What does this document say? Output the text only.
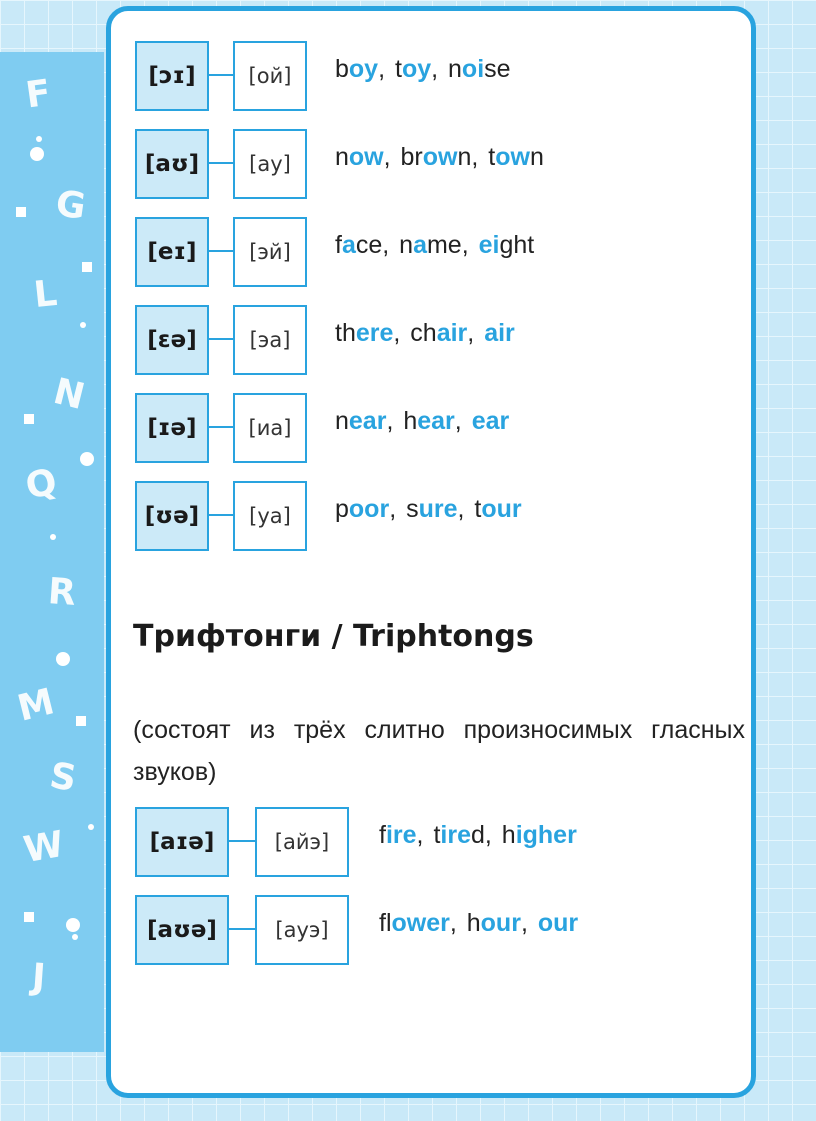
F
G
L
N
Q
R
M
S
W
J
[ɔɪ]	[ой]	boy, toy, noise
[aʊ]	[ау]	now, brown, town
[eɪ]	[эй]	face, name, eight
[ɛə]	[эа]	there, chair, air
[ɪə]	[иа]	near, hear, ear
[ʊə]	[уа]	poor, sure, tour
Трифтонги / Triphtongs
(состоят из трёх слитно произносимых гласных звуков)
[aɪə]	[айэ]	fire, tired, higher
[aʊə]	[ауэ]	flower, hour, our
